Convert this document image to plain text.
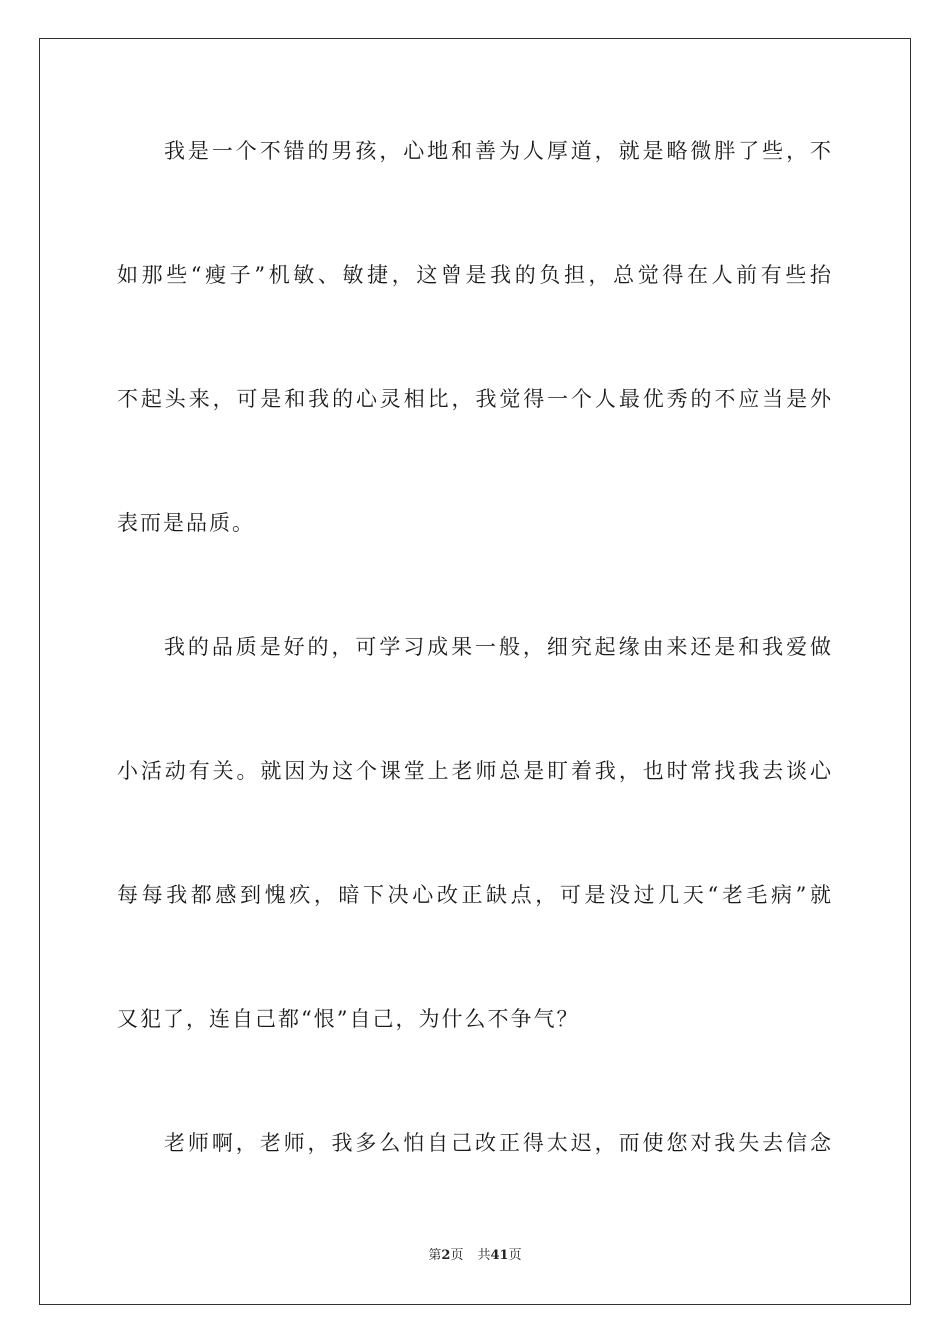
我是一个不错的男孩，心地和善为人厚道，就是略微胖了些，不
如那些“瘦子”机敏、敏捷，这曾是我的负担，总觉得在人前有些抬
不起头来，可是和我的心灵相比，我觉得一个人最优秀的不应当是外
表而是品质。
我的品质是好的，可学习成果一般，细究起缘由来还是和我爱做
小活动有关。就因为这个课堂上老师总是盯着我，也时常找我去谈心
每每我都感到愧疚，暗下决心改正缺点，可是没过几天“老毛病”就
又犯了，连自己都“恨”自己，为什么不争气？
老师啊，老师，我多么怕自己改正得太迟，而使您对我失去信念
第2页 共41页
